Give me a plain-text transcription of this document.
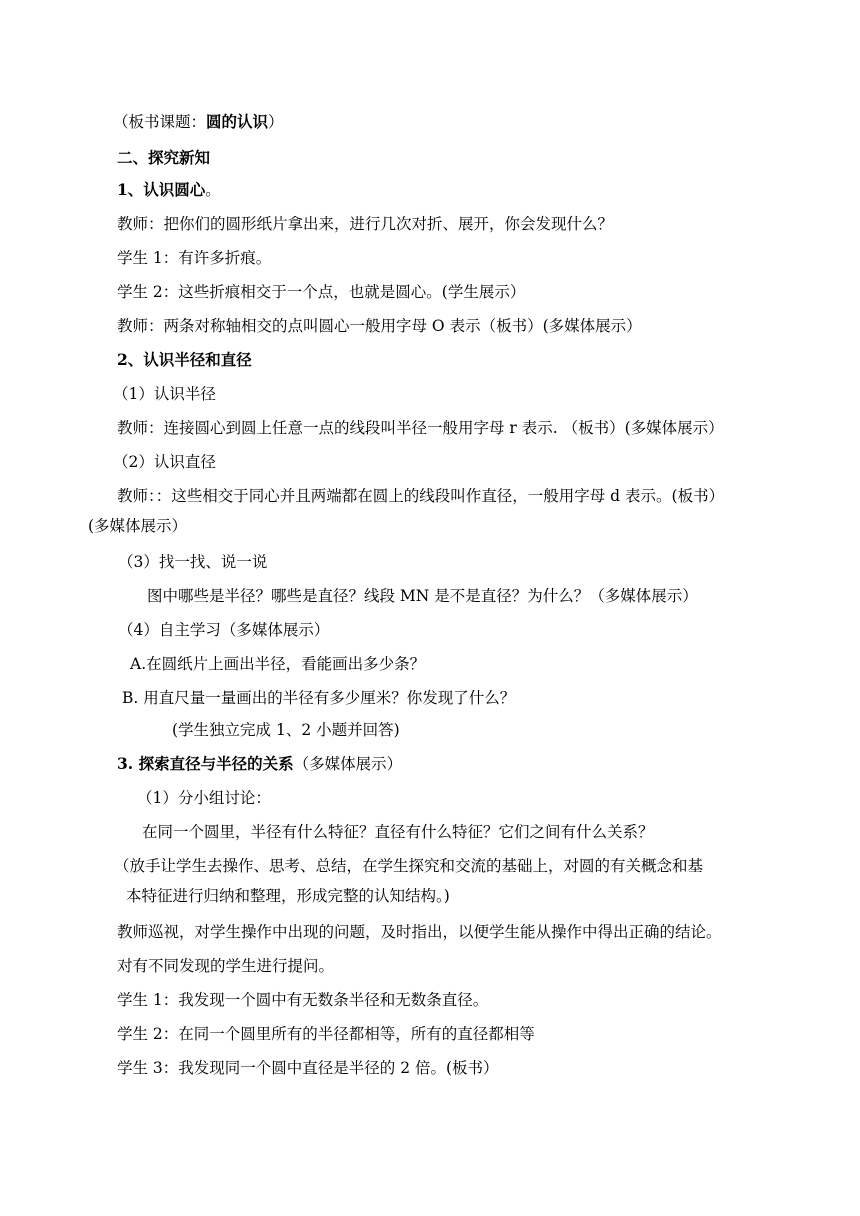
（板书课题：圆的认识）
二、探究新知
1、认识圆心。
教师：把你们的圆形纸片拿出来，进行几次对折、展开，你会发现什么？
学生 1：有许多折痕。
学生 2：这些折痕相交于一个点，也就是圆心。(学生展示）
教师：两条对称轴相交的点叫圆心一般用字母 O 表示（板书）(多媒体展示）
2、认识半径和直径
（1）认识半径
教师：连接圆心到圆上任意一点的线段叫半径一般用字母 r 表示. （板书）(多媒体展示）
（2）认识直径
教师：：这些相交于同心并且两端都在圆上的线段叫作直径，一般用字母 d 表示。(板书）
(多媒体展示）
（3）找一找、说一说
图中哪些是半径？哪些是直径？线段 MN 是不是直径？为什么？（多媒体展示）
（4）自主学习（多媒体展示）
A.在圆纸片上画出半径，看能画出多少条？
B. 用直尺量一量画出的半径有多少厘米？你发现了什么？
(学生独立完成 1、2 小题并回答)
3. 探索直径与半径的关系（多媒体展示）
（1）分小组讨论：
在同一个圆里，半径有什么特征？直径有什么特征？它们之间有什么关系？
（放手让学生去操作、思考、总结，在学生探究和交流的基础上，对圆的有关概念和基
本特征进行归纳和整理，形成完整的认知结构。)
教师巡视，对学生操作中出现的问题，及时指出，以便学生能从操作中得出正确的结论。
对有不同发现的学生进行提问。
学生 1：我发现一个圆中有无数条半径和无数条直径。
学生 2：在同一个圆里所有的半径都相等，所有的直径都相等
学生 3：我发现同一个圆中直径是半径的 2 倍。(板书）
